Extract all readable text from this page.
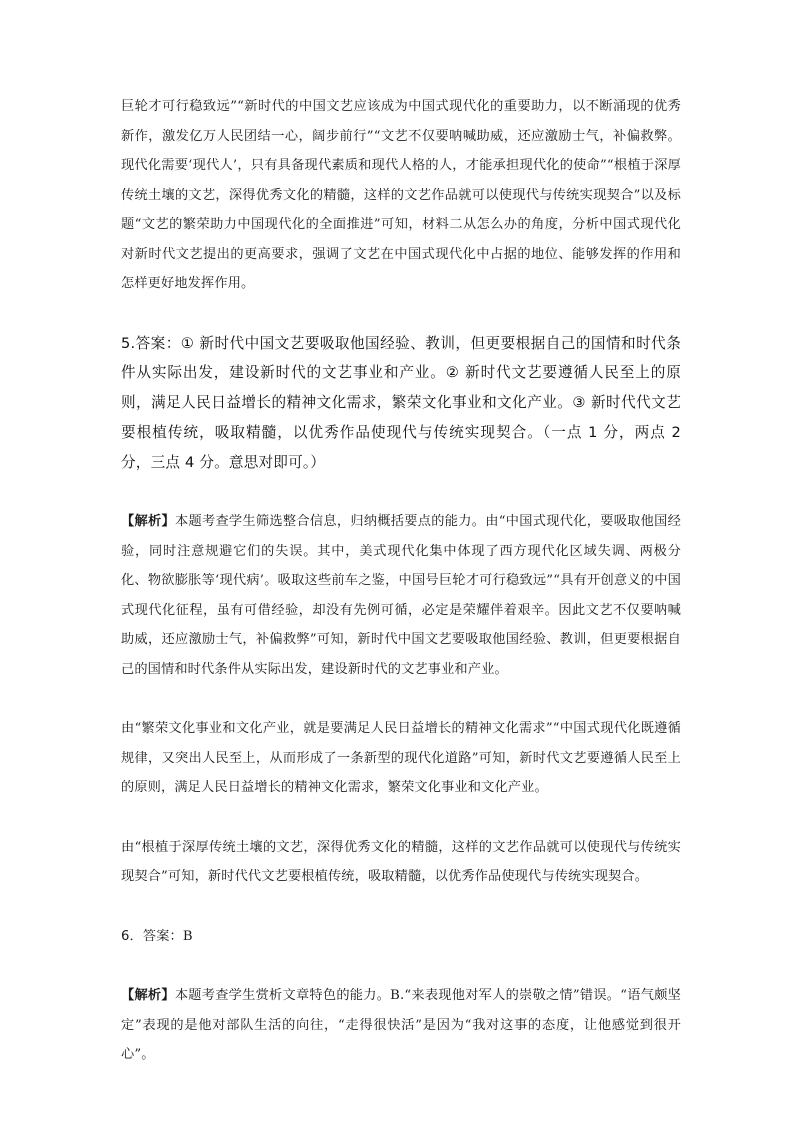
巨轮才可行稳致远”“新时代的中国文艺应该成为中国式现代化的重要助力，以不断涌现的优秀新作，激发亿万人民团结一心，阔步前行”“文艺不仅要呐喊助威，还应激励士气，补偏救弊。现代化需要‘现代人’，只有具备现代素质和现代人格的人，才能承担现代化的使命”“根植于深厚传统土壤的文艺，深得优秀文化的精髓，这样的文艺作品就可以使现代与传统实现契合”以及标题“文艺的繁荣助力中国现代化的全面推进”可知，材料二从怎么办的角度，分析中国式现代化对新时代文艺提出的更高要求，强调了文艺在中国式现代化中占据的地位、能够发挥的作用和怎样更好地发挥作用。

5.答案：① 新时代中国文艺要吸取他国经验、教训，但更要根据自己的国情和时代条件从实际出发，建设新时代的文艺事业和产业。② 新时代文艺要遵循人民至上的原则，满足人民日益增长的精神文化需求，繁荣文化事业和文化产业。③ 新时代代文艺要根植传统，吸取精髓，以优秀作品使现代与传统实现契合。（一点 1 分，两点 2 分，三点 4 分。意思对即可。）

【解析】本题考查学生筛选整合信息，归纳概括要点的能力。由“中国式现代化，要吸取他国经验，同时注意规避它们的失误。其中，美式现代化集中体现了西方现代化区域失调、两极分化、物欲膨胀等‘现代病’。吸取这些前车之鉴，中国号巨轮才可行稳致远”“具有开创意义的中国式现代化征程，虽有可借经验，却没有先例可循，必定是荣耀伴着艰辛。因此文艺不仅要呐喊助威，还应激励士气，补偏救弊”可知，新时代中国文艺要吸取他国经验、教训，但更要根据自己的国情和时代条件从实际出发，建设新时代的文艺事业和产业。

由“繁荣文化事业和文化产业，就是要满足人民日益增长的精神文化需求”“中国式现代化既遵循规律，又突出人民至上，从而形成了一条新型的现代化道路”可知，新时代文艺要遵循人民至上的原则，满足人民日益增长的精神文化需求，繁荣文化事业和文化产业。

由“根植于深厚传统土壤的文艺，深得优秀文化的精髓，这样的文艺作品就可以使现代与传统实现契合”可知，新时代代文艺要根植传统，吸取精髓，以优秀作品使现代与传统实现契合。

6．答案：B

【解析】本题考查学生赏析文章特色的能力。B.“来表现他对军人的崇敬之情”错误。“语气颇坚定”表现的是他对部队生活的向往，“走得很快活”是因为“我对这事的态度，让他感觉到很开心”。
